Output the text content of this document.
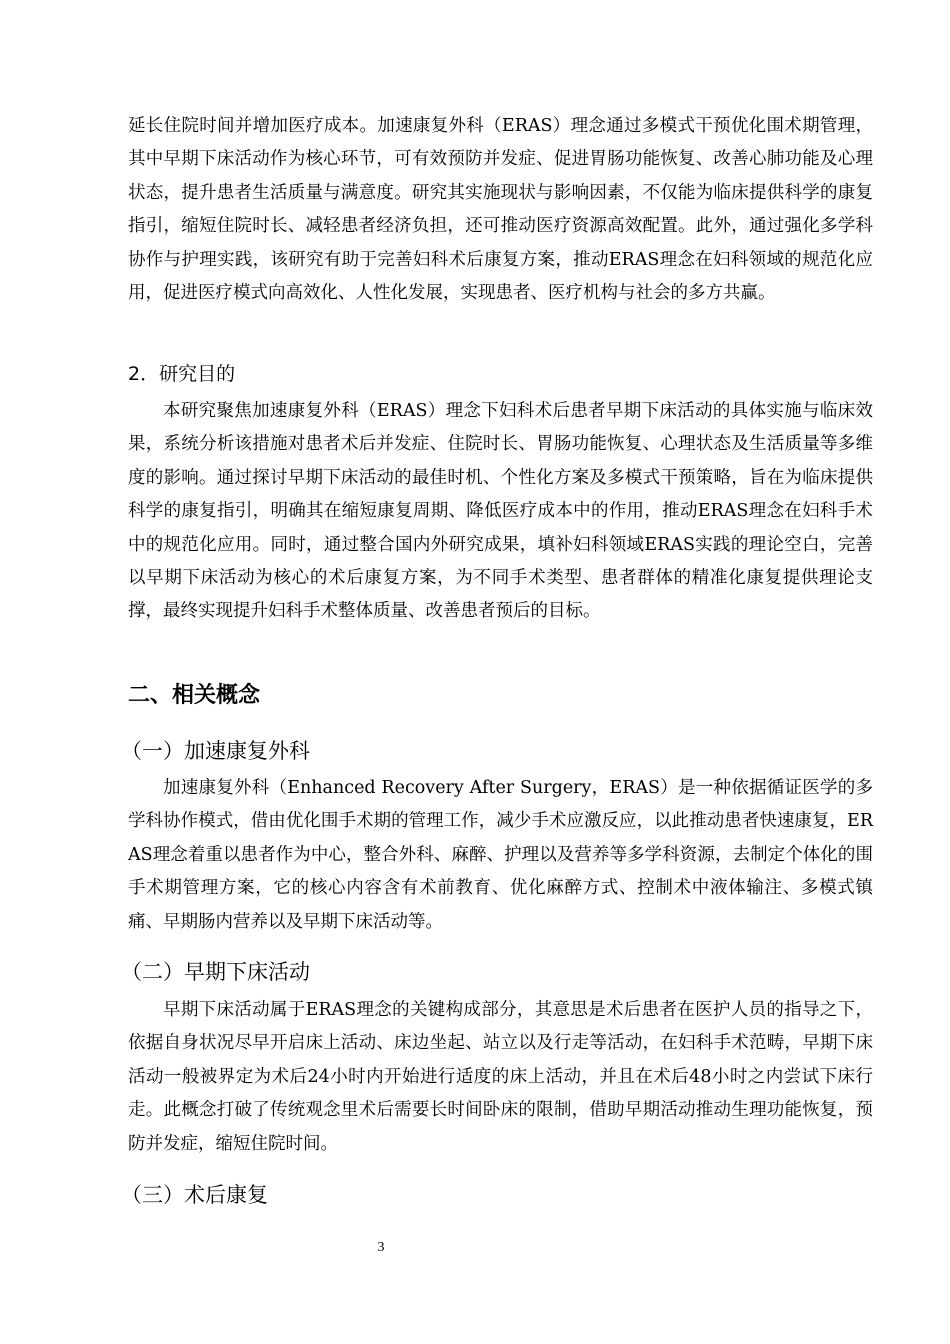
延长住院时间并增加医疗成本。加速康复外科（ERAS）理念通过多模式干预优化围术期管理，其中早期下床活动作为核心环节，可有效预防并发症、促进胃肠功能恢复、改善心肺功能及心理状态，提升患者生活质量与满意度。研究其实施现状与影响因素，不仅能为临床提供科学的康复指引，缩短住院时长、减轻患者经济负担，还可推动医疗资源高效配置。此外，通过强化多学科协作与护理实践，该研究有助于完善妇科术后康复方案，推动ERAS理念在妇科领域的规范化应用，促进医疗模式向高效化、人性化发展，实现患者、医疗机构与社会的多方共赢。

2．研究目的

本研究聚焦加速康复外科（ERAS）理念下妇科术后患者早期下床活动的具体实施与临床效果，系统分析该措施对患者术后并发症、住院时长、胃肠功能恢复、心理状态及生活质量等多维度的影响。通过探讨早期下床活动的最佳时机、个性化方案及多模式干预策略，旨在为临床提供科学的康复指引，明确其在缩短康复周期、降低医疗成本中的作用，推动ERAS理念在妇科手术中的规范化应用。同时，通过整合国内外研究成果，填补妇科领域ERAS实践的理论空白，完善以早期下床活动为核心的术后康复方案，为不同手术类型、患者群体的精准化康复提供理论支撑，最终实现提升妇科手术整体质量、改善患者预后的目标。

二、相关概念
（一）加速康复外科

加速康复外科（Enhanced Recovery After Surgery，ERAS）是一种依据循证医学的多学科协作模式，借由优化围手术期的管理工作，减少手术应激反应，以此推动患者快速康复，ERAS理念着重以患者作为中心，整合外科、麻醉、护理以及营养等多学科资源，去制定个体化的围手术期管理方案，它的核心内容含有术前教育、优化麻醉方式、控制术中液体输注、多模式镇痛、早期肠内营养以及早期下床活动等。

（二）早期下床活动

早期下床活动属于ERAS理念的关键构成部分，其意思是术后患者在医护人员的指导之下，依据自身状况尽早开启床上活动、床边坐起、站立以及行走等活动，在妇科手术范畴，早期下床活动一般被界定为术后24小时内开始进行适度的床上活动，并且在术后48小时之内尝试下床行走。此概念打破了传统观念里术后需要长时间卧床的限制，借助早期活动推动生理功能恢复，预防并发症，缩短住院时间。

（三）术后康复
3
